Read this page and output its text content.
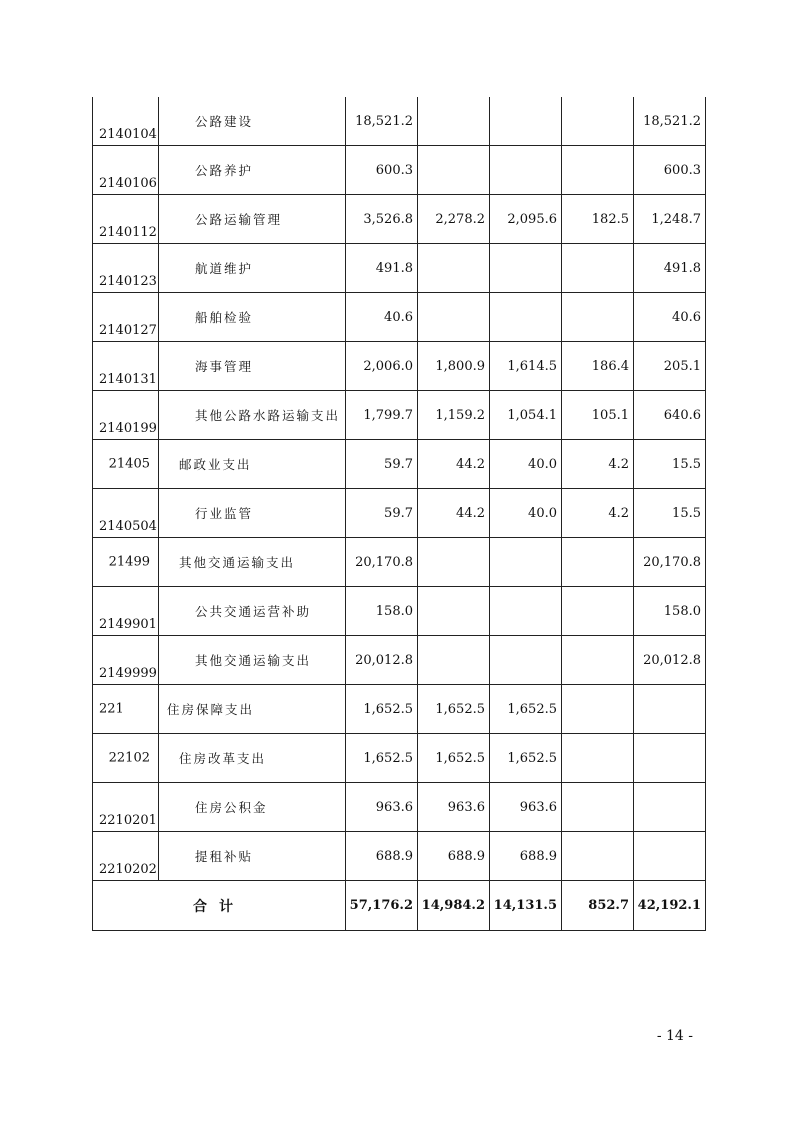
2140104	公路建设	18,521.2				18,521.2

2140106	公路养护	600.3				600.3

2140112	公路运输管理	3,526.8	2,278.2	2,095.6	182.5	1,248.7

2140123	航道维护	491.8				491.8

2140127	船舶检验	40.6				40.6

2140131	海事管理	2,006.0	1,800.9	1,614.5	186.4	205.1

2140199	其他公路水路运输支出	1,799.7	1,159.2	1,054.1	105.1	640.6

21405	邮政业支出	59.7	44.2	40.0	4.2	15.5

2140504	行业监管	59.7	44.2	40.0	4.2	15.5

21499	其他交通运输支出	20,170.8				20,170.8

2149901	公共交通运营补助	158.0				158.0

2149999	其他交通运输支出	20,012.8				20,012.8

221	住房保障支出	1,652.5	1,652.5	1,652.5		

22102	住房改革支出	1,652.5	1,652.5	1,652.5		

2210201	住房公积金	963.6	963.6	963.6		

2210202	提租补贴	688.9	688.9	688.9		
合计		57,176.2	14,984.2	14,131.5	852.7	42,192.1
- 14 -
